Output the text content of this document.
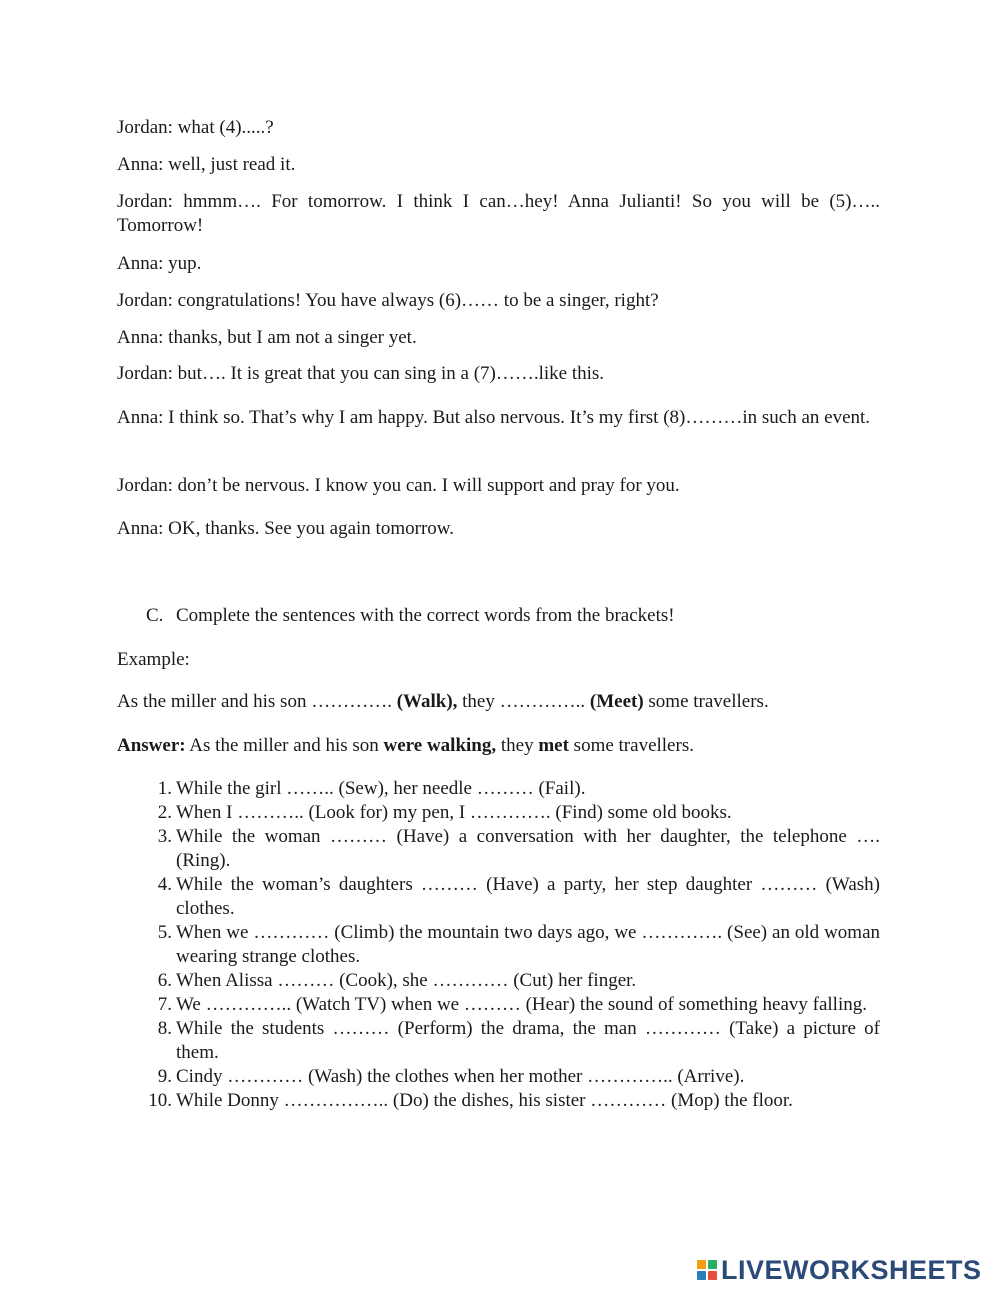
Jordan: what (4).....?

Anna: well, just read it.

Jordan: hmmm…. For tomorrow. I think I can…hey! Anna Julianti! So you will be (5)….. Tomorrow!

Anna: yup.

Jordan: congratulations! You have always (6)…… to be a singer, right?

Anna: thanks, but I am not a singer yet.

Jordan: but…. It is great that you can sing in a (7)…….like this.

Anna: I think so. That’s why I am happy. But also nervous. It’s my first (8)………in such an event.

Jordan: don’t be nervous. I know you can. I will support and pray for you.

Anna: OK, thanks. See you again tomorrow.

C. Complete the sentences with the correct words from the brackets!

Example:

As the miller and his son …………. (Walk), they ………….. (Meet) some travellers.

Answer: As the miller and his son were walking, they met some travellers.

1. While the girl …….. (Sew), her needle ……… (Fail).
2. When I ……….. (Look for) my pen, I …………. (Find) some old books.
3. While the woman ……… (Have) a conversation with her daughter, the telephone …. (Ring).
4. While the woman’s daughters ……… (Have) a party, her step daughter ……… (Wash) clothes.
5. When we ………… (Climb) the mountain two days ago, we …………. (See) an old woman wearing strange clothes.
6. When Alissa ……… (Cook), she ………… (Cut) her finger.
7. We ………….. (Watch TV) when we ……… (Hear) the sound of something heavy falling.
8. While the students ……… (Perform) the drama, the man ………… (Take) a picture of them.
9. Cindy ………… (Wash) the clothes when her mother ………….. (Arrive).
10. While Donny …………….. (Do) the dishes, his sister ………… (Mop) the floor.
LIVEWORKSHEETS
